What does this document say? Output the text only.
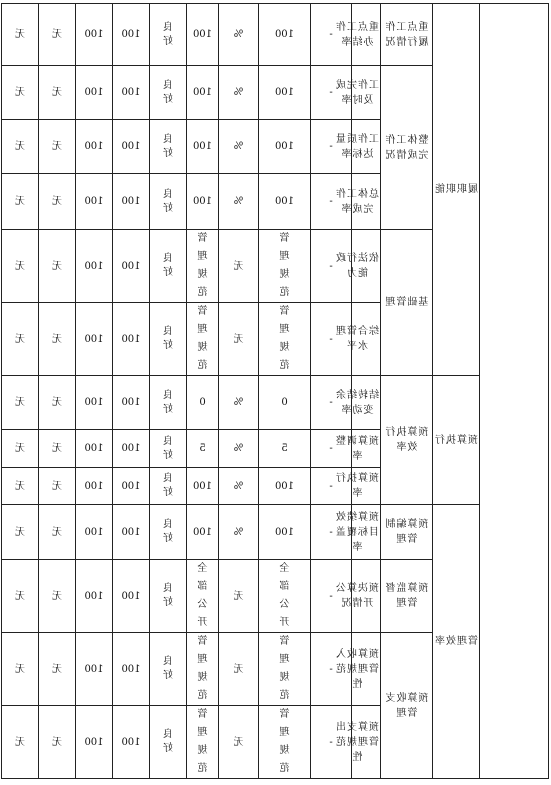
	履职职能	重点工作履行情况	重点工作办结率	-	100	%	100	良好	100	100	无	无			

		整体工作完成情况	工作完成及时率	-	100	%	100	良好	100	100	无	无			

			工作质量达标率	-	100	%	100	良好	100	100	无	无			

			总体工作完成率	-	100	%	100	良好	100	100	无	无			

		基础管理	依法行政能力	-	管理规范	无	管理规范	良好	100	100	无	无			

			综合管理水平	-	管理规范	无	管理规范	良好	100	100	无	无			

	预算执行	预算执行效率	结转结余变动率	-	0	%	0	良好	100	100	无	无			

			预算调整率	-	5	%	5	良好	100	100	无	无			

			预算执行率	-	100	%	100	良好	100	100	无	无			

	管理效率	预算编制管理	预算绩效目标覆盖率	-	100	%	100	良好	100	100	无	无			

		预算监督管理	预决算公开情况	-	全部公开	无	全部公开	良好	100	100	无	无			

		预算收支管理	预算收入管理规范性	-	管理规范	无	管理规范	良好	100	100	无	无			

			预算支出管理规范性	-	管理规范	无	管理规范	良好	100	100	无	无			
